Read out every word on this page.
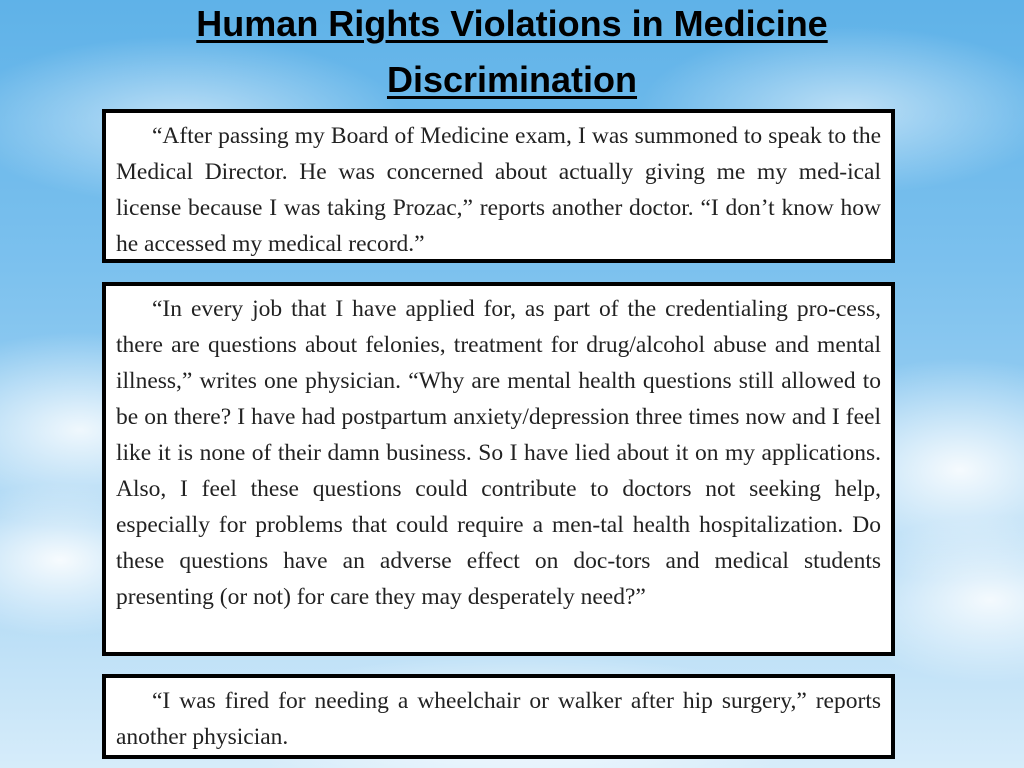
Human Rights Violations in Medicine
Discrimination

“After passing my Board of Medicine exam, I was summoned to speak to the Medical Director. He was concerned about actually giving me my med-ical license because I was taking Prozac,” reports another doctor. “I don’t know how he accessed my medical record.”

“In every job that I have applied for, as part of the credentialing pro-cess, there are questions about felonies, treatment for drug/alcohol abuse and mental illness,” writes one physician. “Why are mental health questions still allowed to be on there? I have had postpartum anxiety/depression three times now and I feel like it is none of their damn business. So I have lied about it on my applications. Also, I feel these questions could contribute to doctors not seeking help, especially for problems that could require a men-tal health hospitalization. Do these questions have an adverse effect on doc-tors and medical students presenting (or not) for care they may desperately need?”

“I was fired for needing a wheelchair or walker after hip surgery,” reports another physician.
